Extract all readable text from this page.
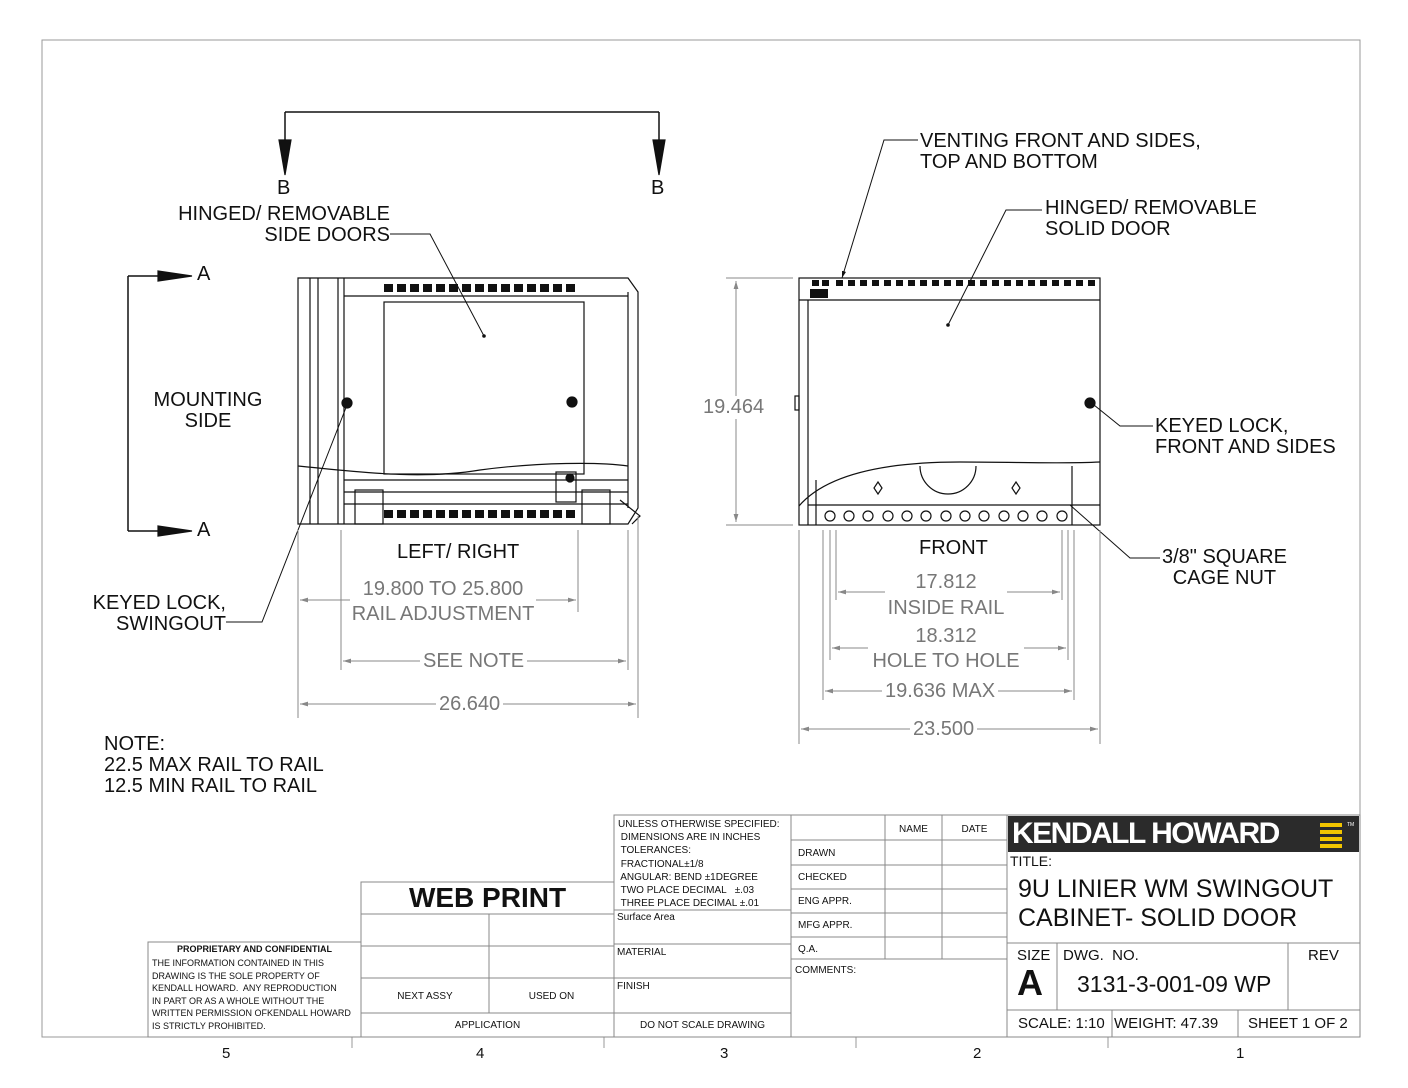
TM
B	B
A
A
HINGED/ REMOVABLE
SIDE DOORS
MOUNTING
SIDE
LEFT/ RIGHT
19.800 TO 25.800
RAIL ADJUSTMENT
SEE NOTE
26.640
KEYED LOCK,
SWINGOUT
VENTING FRONT AND SIDES,
TOP AND BOTTOM
HINGED/ REMOVABLE
SOLID DOOR
19.464
KEYED LOCK,
FRONT AND SIDES
FRONT	3/8" SQUARE
CAGE NUT
17.812
INSIDE RAIL
18.312
HOLE TO HOLE
19.636 MAX
23.500
NOTE:
22.5 MAX RAIL TO RAIL
12.5 MIN RAIL TO RAIL
WEB PRINT
PROPRIETARY AND CONFIDENTIAL
THE INFORMATION CONTAINED IN THIS
DRAWING IS THE SOLE PROPERTY OF
KENDALL HOWARD.  ANY REPRODUCTION
IN PART OR AS A WHOLE WITHOUT THE
WRITTEN PERMISSION OFKENDALL HOWARD
IS STRICTLY PROHIBITED.
NEXT ASSY	USED ON
APPLICATION
UNLESS OTHERWISE SPECIFIED:
DIMENSIONS ARE IN INCHES
TOLERANCES:
FRACTIONAL±1/8
ANGULAR: BEND ±1DEGREE
TWO PLACE DECIMAL   ±.03
THREE PLACE DECIMAL ±.01
Surface Area
MATERIAL
FINISH
DO NOT SCALE DRAWING
NAME	DATE
DRAWN
CHECKED
ENG APPR.
MFG APPR.
Q.A.
COMMENTS:
KENDALL HOWARD
TITLE:
9U LINIER WM SWINGOUT
CABINET- SOLID DOOR
SIZE
A
DWG.  NO.
3131-3-001-09 WP
REV
SCALE: 1:10 WEIGHT: 47.39 SHEET 1 OF 2
5	4	3	2	1
